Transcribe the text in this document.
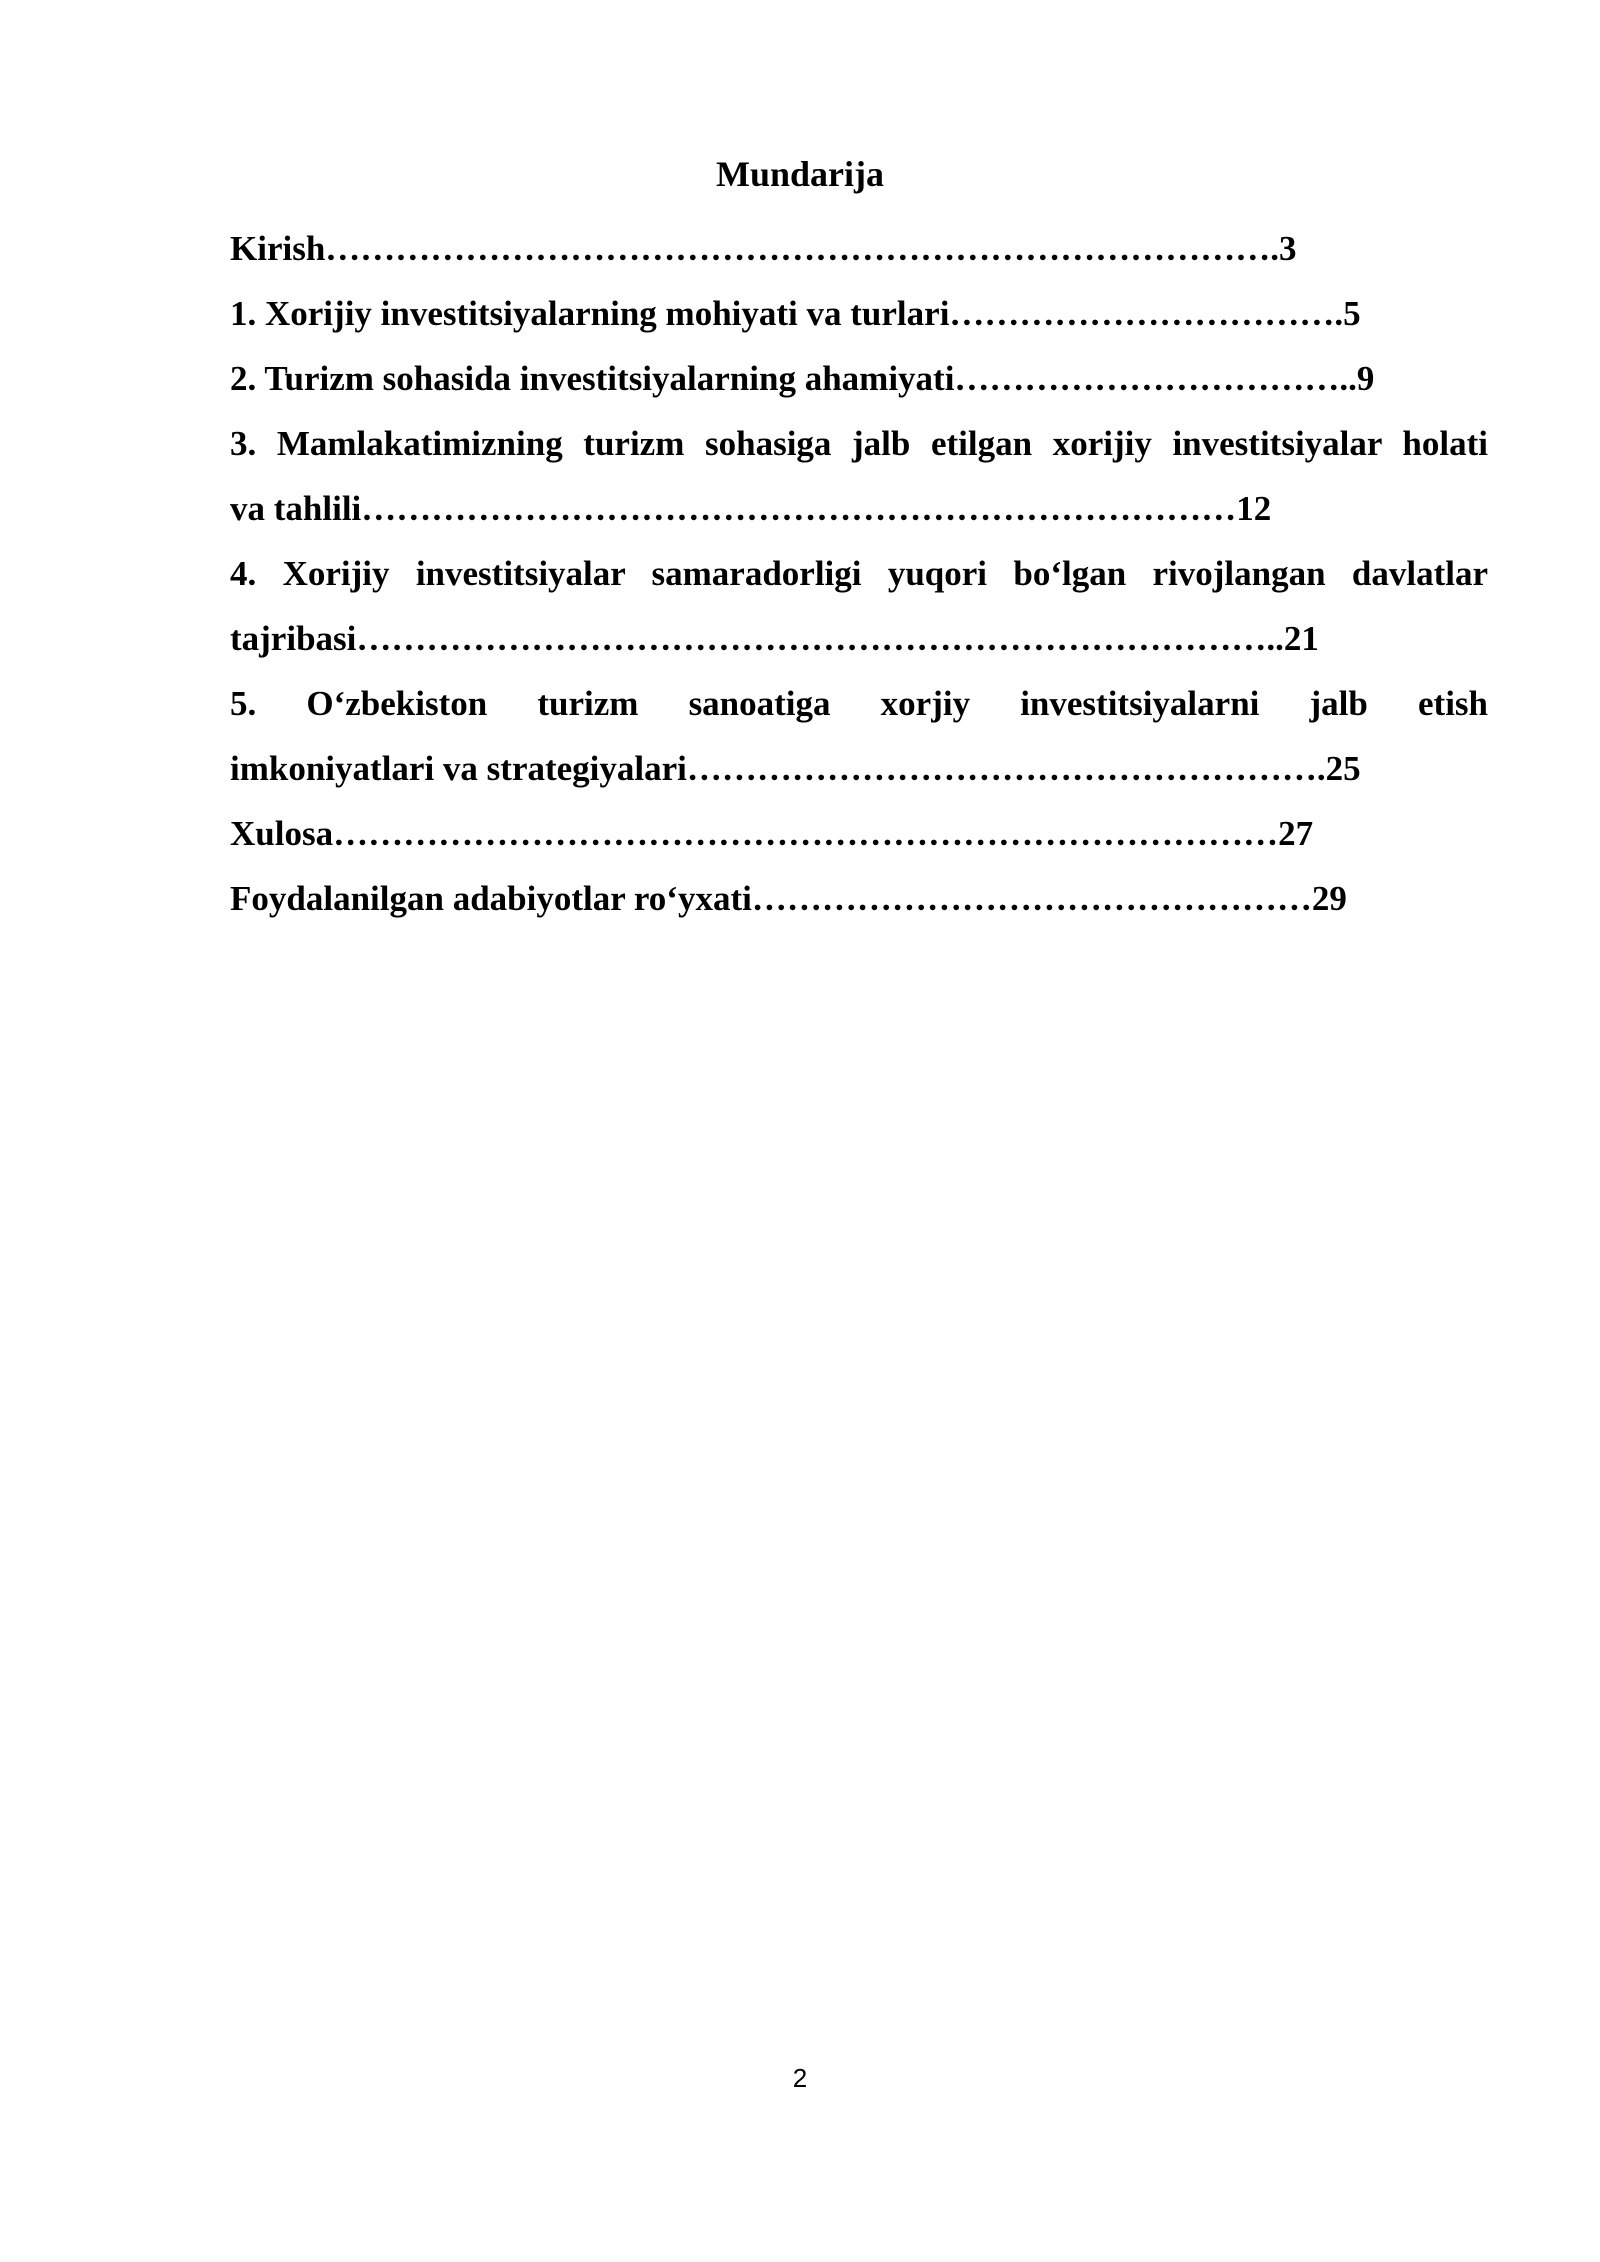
Mundarija
Kirish……………………………………………………………………….3
1. Xorijiy investitsiyalarning mohiyati va turlari…………………………….5
2. Turizm sohasida investitsiyalarning ahamiyati……………………………..9
3. Mamlakatimizning turizm sohasiga jalb etilgan xorijiy investitsiyalar holati
va tahlili…………………………………………………………………12
4. Xorijiy investitsiyalar samaradorligi yuqori bo‘lgan rivojlangan davlatlar
tajribasi……………………………………………………………………..21
5. O‘zbekiston turizm sanoatiga xorjiy investitsiyalarni jalb etish
imkoniyatlari va strategiyalari……………………………………………….25
Xulosa………………………………………………………………………27
Foydalanilgan adabiyotlar ro‘yxati…………………………………………29
2
